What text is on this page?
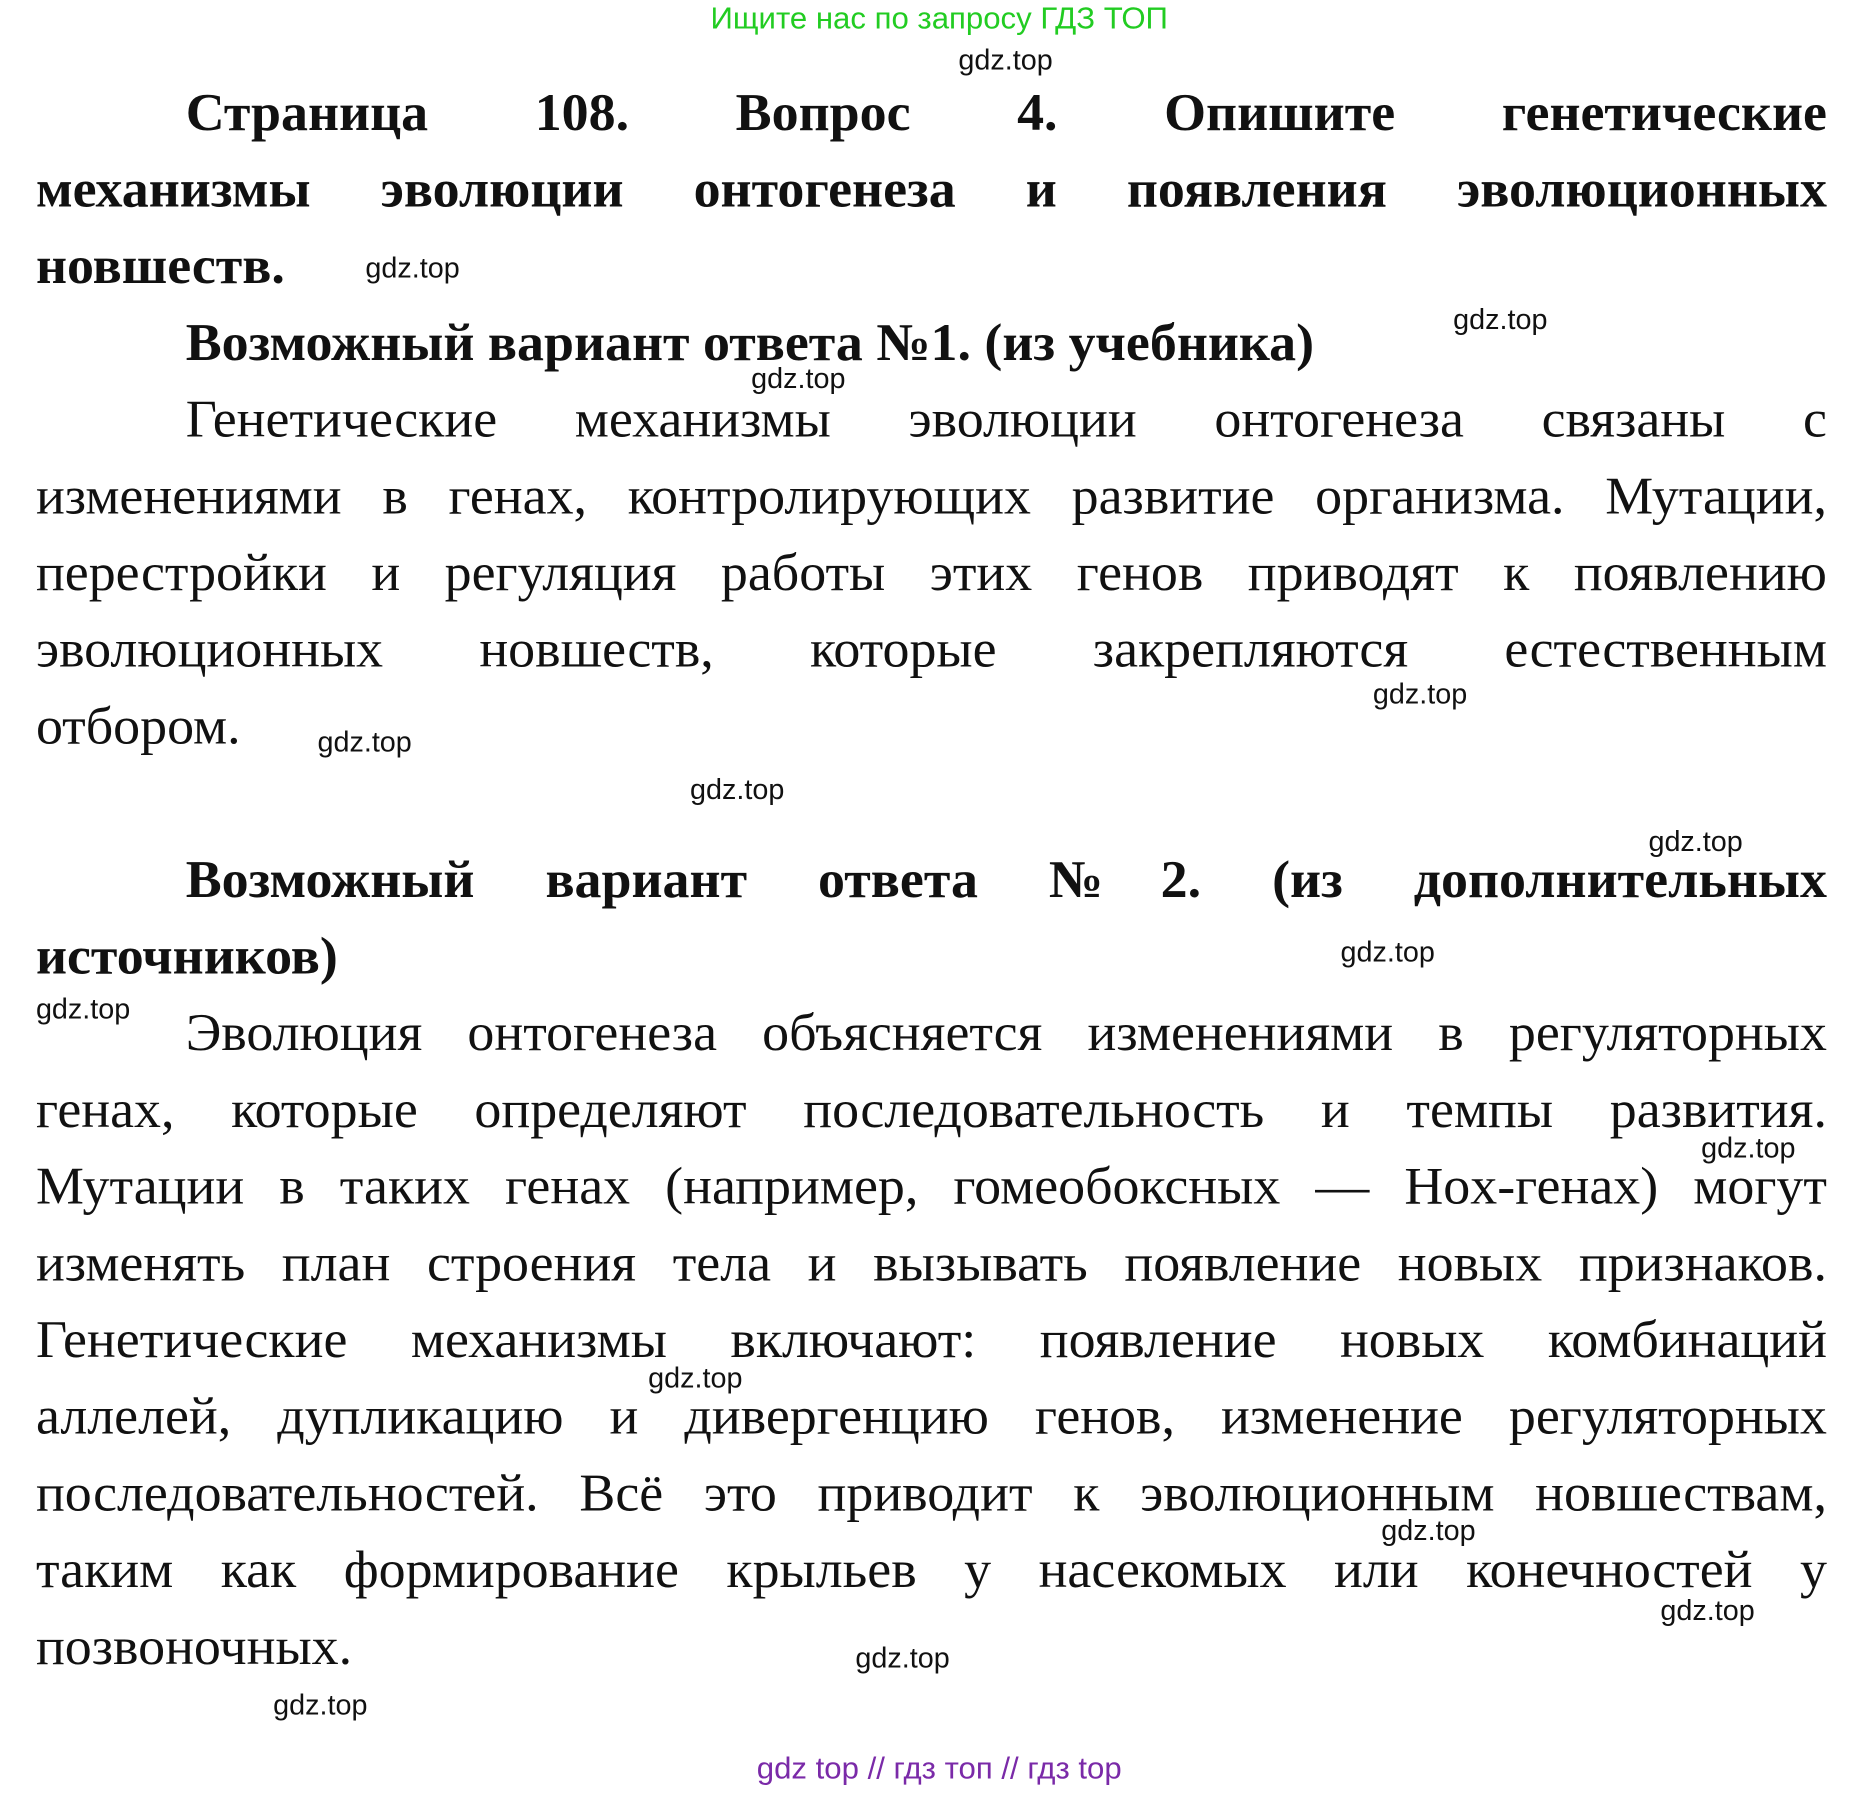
Ищите нас по запросу ГДЗ ТОП
Страница 108. Вопрос 4. Опишите генетические
механизмы эволюции онтогенеза и появления эволюционных
новшеств.
Возможный вариант ответа №1. (из учебника)
Генетические механизмы эволюции онтогенеза связаны с
изменениями в генах, контролирующих развитие организма. Мутации,
перестройки и регуляция работы этих генов приводят к появлению
эволюционных новшеств, которые закрепляются естественным
отбором.
Возможный вариант ответа №2. (из дополнительных
источников)
Эволюция онтогенеза объясняется изменениями в регуляторных
генах, которые определяют последовательность и темпы развития.
Мутации в таких генах (например, гомеобоксных — Hox-генах) могут
изменять план строения тела и вызывать появление новых признаков.
Генетические механизмы включают: появление новых комбинаций
аллелей, дупликацию и дивергенцию генов, изменение регуляторных
последовательностей. Всё это приводит к эволюционным новшествам,
таким как формирование крыльев у насекомых или конечностей у
позвоночных.
gdz.top
gdz.top
gdz.top
gdz.top
gdz.top
gdz.top
gdz.top
gdz.top
gdz.top
gdz.top
gdz.top
gdz.top
gdz.top
gdz.top
gdz.top
gdz.top
gdz top // гдз топ // гдз top
